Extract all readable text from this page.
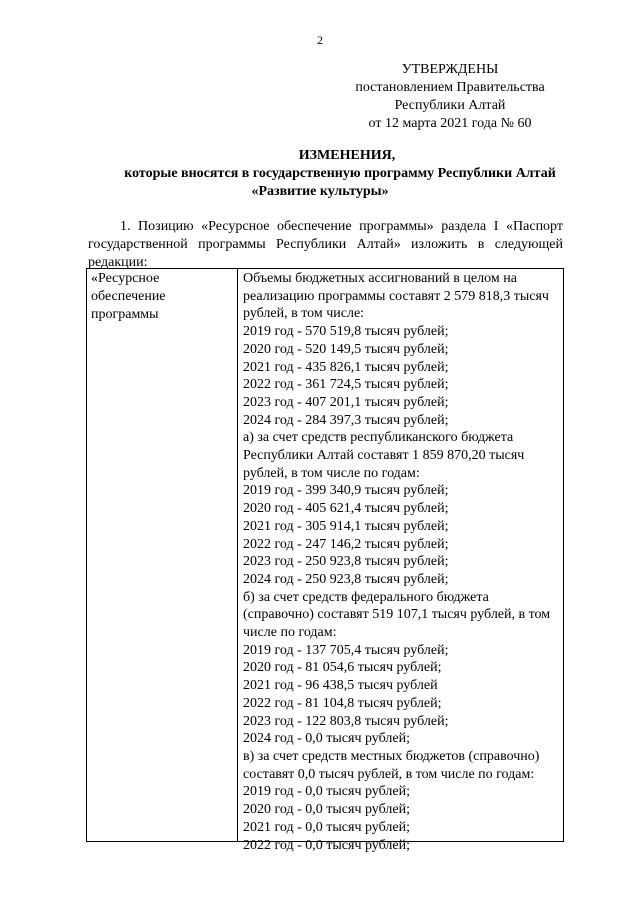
2
УТВЕРЖДЕНЫ
постановлением Правительства
Республики Алтай
от 12 марта 2021 года № 60
ИЗМЕНЕНИЯ,
которые вносятся в государственную программу Республики Алтай
«Развитие культуры»
1. Позицию «Ресурсное обеспечение программы» раздела I «Паспорт
государственной программы Республики Алтай» изложить в следующей
редакции:
«Ресурсное
обеспечение
программы
Объемы бюджетных ассигнований в целом на
реализацию программы составят 2 579 818,3 тысяч
рублей, в том числе:
2019 год - 570 519,8 тысяч рублей;
2020 год - 520 149,5 тысяч рублей;
2021 год - 435 826,1 тысяч рублей;
2022 год - 361 724,5 тысяч рублей;
2023 год - 407 201,1 тысяч рублей;
2024 год - 284 397,3 тысяч рублей;
а) за счет средств республиканского бюджета
Республики Алтай составят 1 859 870,20 тысяч
рублей, в том числе по годам:
2019 год - 399 340,9 тысяч рублей;
2020 год - 405 621,4 тысяч рублей;
2021 год - 305 914,1 тысяч рублей;
2022 год - 247 146,2 тысяч рублей;
2023 год - 250 923,8 тысяч рублей;
2024 год - 250 923,8 тысяч рублей;
б) за счет средств федерального бюджета
(справочно) составят 519 107,1 тысяч рублей, в том
числе по годам:
2019 год - 137 705,4 тысяч рублей;
2020 год - 81 054,6 тысяч рублей;
2021 год - 96 438,5 тысяч рублей
2022 год - 81 104,8 тысяч рублей;
2023 год - 122 803,8 тысяч рублей;
2024 год - 0,0 тысяч рублей;
в) за счет средств местных бюджетов (справочно)
составят 0,0 тысяч рублей, в том числе по годам:
2019 год - 0,0 тысяч рублей;
2020 год - 0,0 тысяч рублей;
2021 год - 0,0 тысяч рублей;
2022 год - 0,0 тысяч рублей;
